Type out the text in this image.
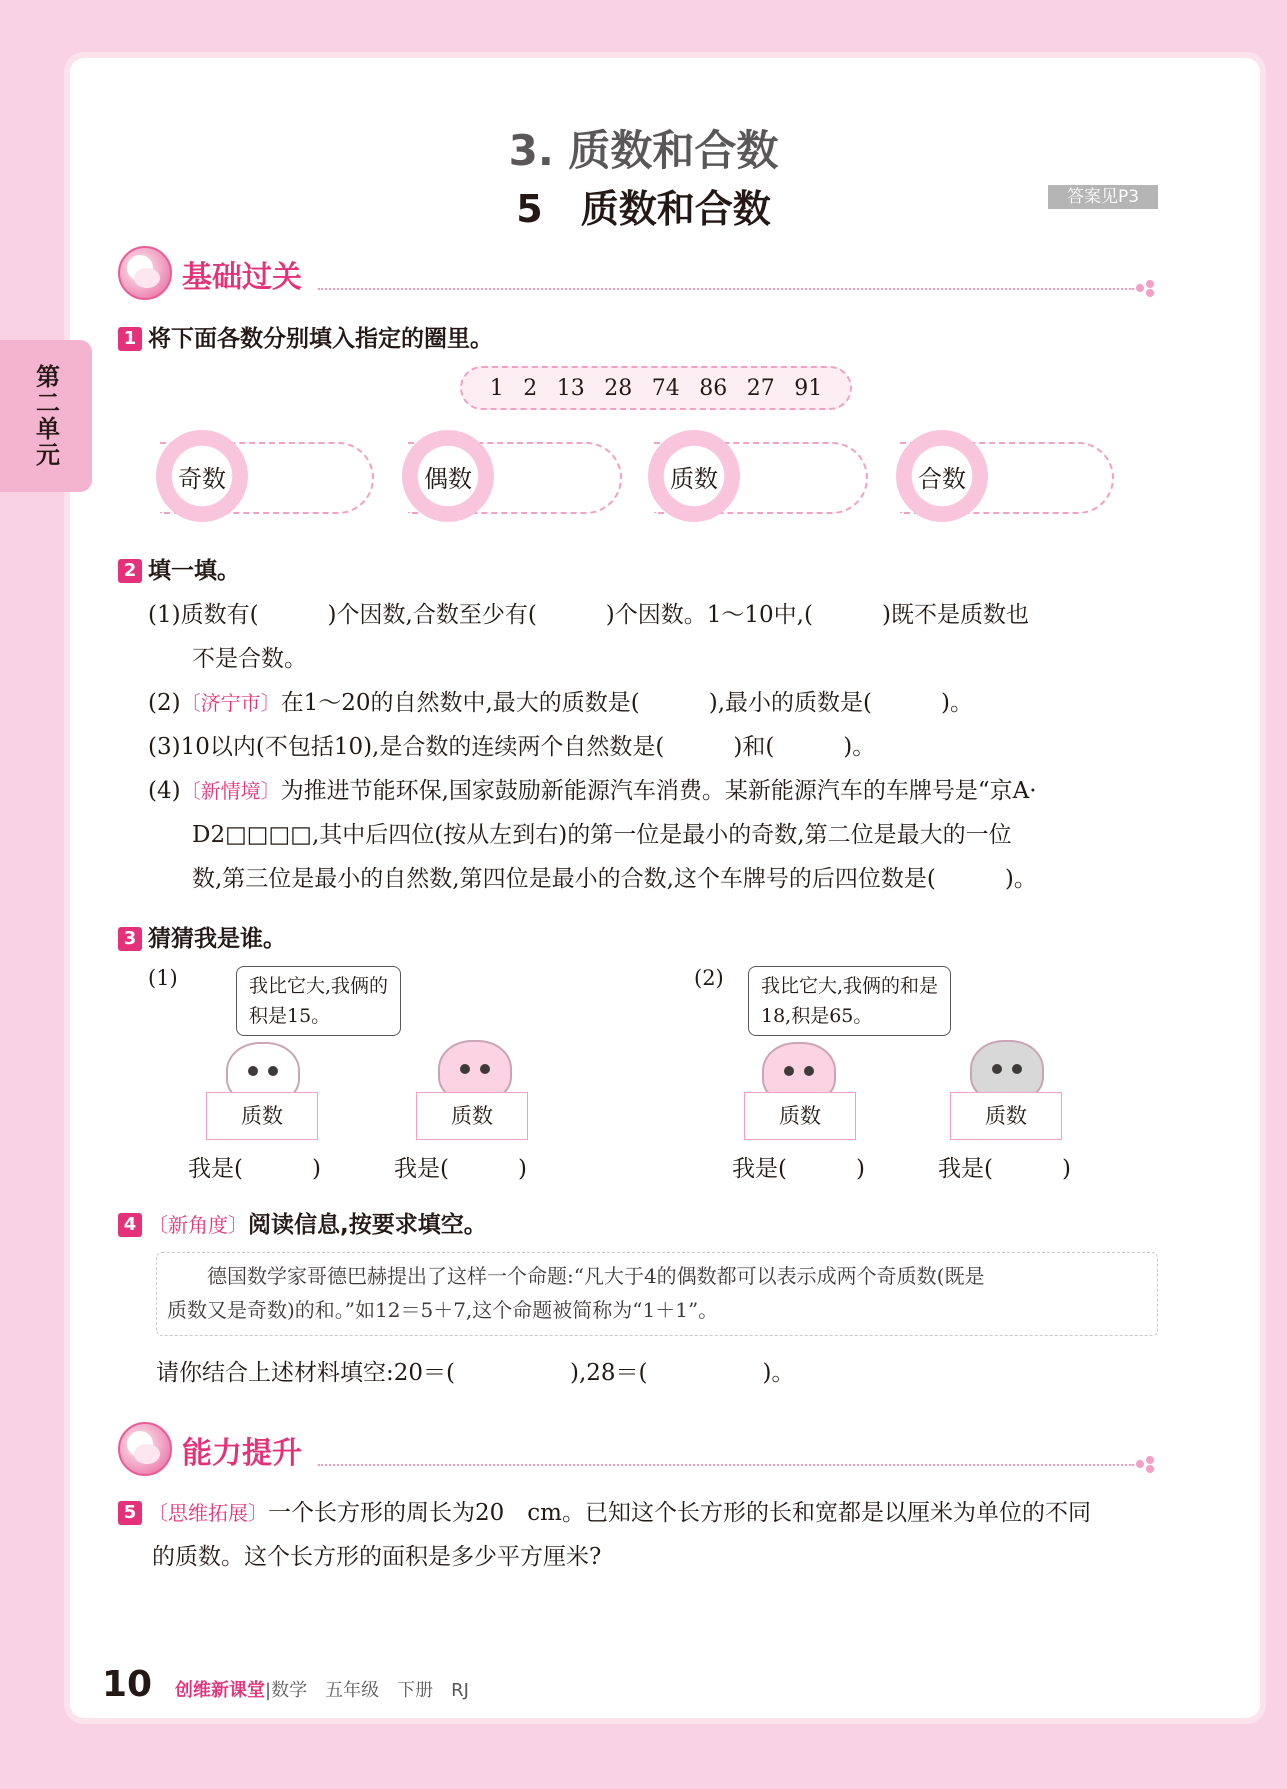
第二单元
3. 质数和合数
5　质数和合数	答案见P3
基础过关
1 将下面各数分别填入指定的圈里。
1 2 13 28 74 86 27 91
奇数	偶数	质数	合数
2 填一填。
(1)质数有(　　　)个因数,合数至少有(　　　)个因数。1～10中,(　　　)既不是质数也
不是合数。
(2)〔济宁市〕在1～20的自然数中,最大的质数是(　　　),最小的质数是(　　　)。
(3)10以内(不包括10),是合数的连续两个自然数是(　　　)和(　　　)。
(4)〔新情境〕为推进节能环保,国家鼓励新能源汽车消费。某新能源汽车的车牌号是“京A·
D2□□□□,其中后四位(按从左到右)的第一位是最小的奇数,第二位是最大的一位
数,第三位是最小的自然数,第四位是最小的合数,这个车牌号的后四位数是(　　　)。
3 猜猜我是谁。
(1)	我比它大,我俩的
积是15。
质数	质数
我是(　　　)	我是(　　　)
(2) 我比它大,我俩的和是
18,积是65。
质数	质数
我是(　　　)	我是(　　　)
4 〔新角度〕阅读信息,按要求填空。
　　德国数学家哥德巴赫提出了这样一个命题:“凡大于4的偶数都可以表示成两个奇质数(既是
质数又是奇数)的和。”如12＝5＋7,这个命题被简称为“1＋1”。
请你结合上述材料填空:20＝(　　　　　),28＝(　　　　　)。
能力提升
5 〔思维拓展〕一个长方形的周长为20　cm。已知这个长方形的长和宽都是以厘米为单位的不同
的质数。这个长方形的面积是多少平方厘米?
10 创维新课堂|数学　五年级　下册　RJ
